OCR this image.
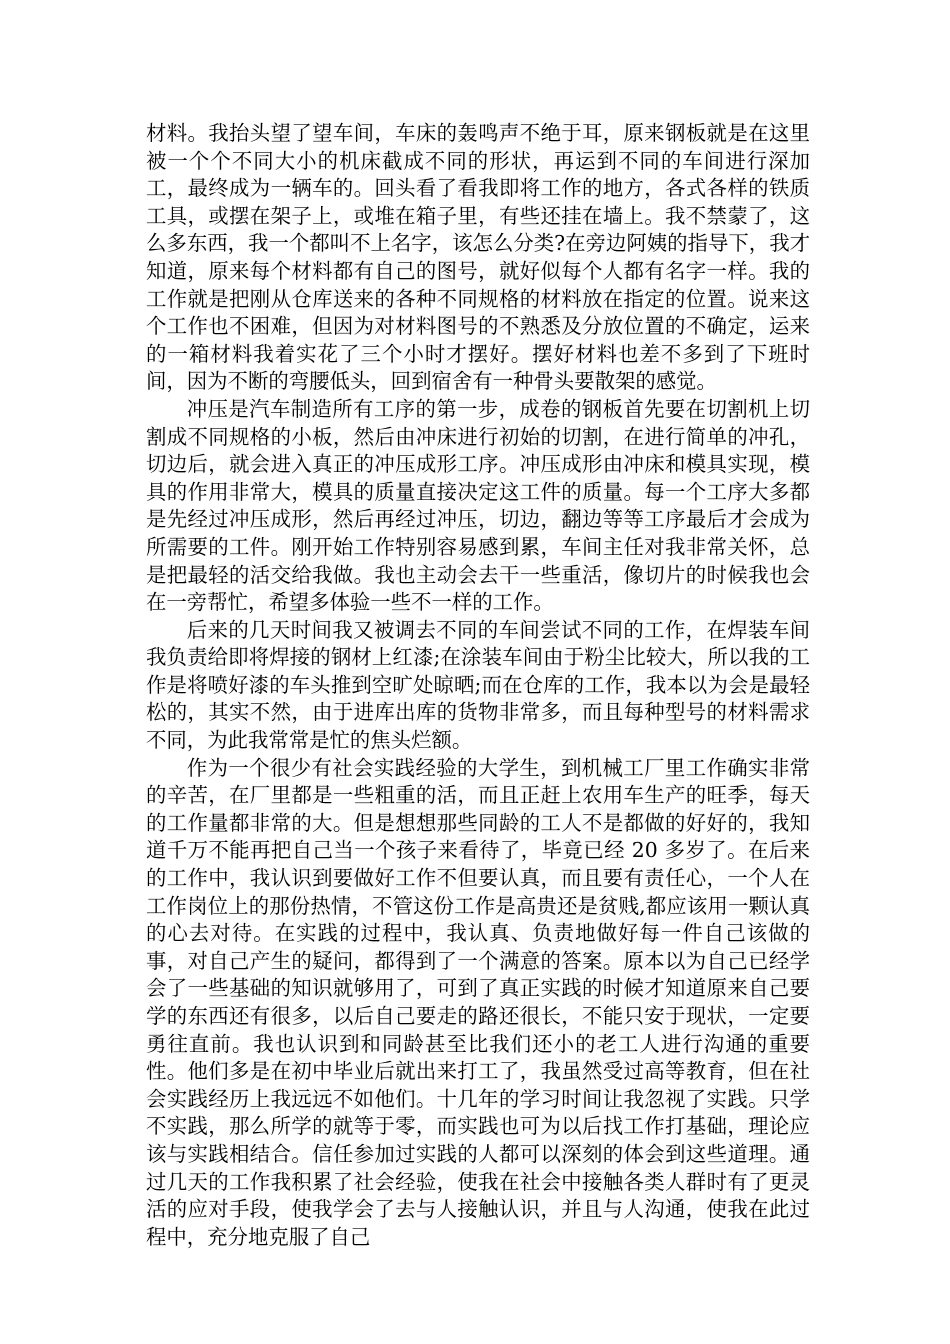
材料。我抬头望了望车间，车床的轰鸣声不绝于耳，原来钢板就是在这里被一个个不同大小的机床截成不同的形状，再运到不同的车间进行深加工，最终成为一辆车的。回头看了看我即将工作的地方，各式各样的铁质工具，或摆在架子上，或堆在箱子里，有些还挂在墙上。我不禁蒙了，这么多东西，我一个都叫不上名字，该怎么分类?在旁边阿姨的指导下，我才知道，原来每个材料都有自己的图号，就好似每个人都有名字一样。我的工作就是把刚从仓库送来的各种不同规格的材料放在指定的位置。说来这个工作也不困难，但因为对材料图号的不熟悉及分放位置的不确定，运来的一箱材料我着实花了三个小时才摆好。摆好材料也差不多到了下班时间，因为不断的弯腰低头，回到宿舍有一种骨头要散架的感觉。

冲压是汽车制造所有工序的第一步，成卷的钢板首先要在切割机上切割成不同规格的小板，然后由冲床进行初始的切割，在进行简单的冲孔，切边后，就会进入真正的冲压成形工序。冲压成形由冲床和模具实现，模具的作用非常大，模具的质量直接决定这工件的质量。每一个工序大多都是先经过冲压成形，然后再经过冲压，切边，翻边等等工序最后才会成为所需要的工件。刚开始工作特别容易感到累，车间主任对我非常关怀，总是把最轻的活交给我做。我也主动会去干一些重活，像切片的时候我也会在一旁帮忙，希望多体验一些不一样的工作。

后来的几天时间我又被调去不同的车间尝试不同的工作，在焊装车间我负责给即将焊接的钢材上红漆;在涂装车间由于粉尘比较大，所以我的工作是将喷好漆的车头推到空旷处晾晒;而在仓库的工作，我本以为会是最轻松的，其实不然，由于进库出库的货物非常多，而且每种型号的材料需求不同，为此我常常是忙的焦头烂额。

作为一个很少有社会实践经验的大学生，到机械工厂里工作确实非常的辛苦，在厂里都是一些粗重的活，而且正赶上农用车生产的旺季，每天的工作量都非常的大。但是想想那些同龄的工人不是都做的好好的，我知道千万不能再把自己当一个孩子来看待了，毕竟已经 20 多岁了。在后来的工作中，我认识到要做好工作不但要认真，而且要有责任心，一个人在工作岗位上的那份热情，不管这份工作是高贵还是贫贱,都应该用一颗认真的心去对待。在实践的过程中，我认真、负责地做好每一件自己该做的事，对自己产生的疑问，都得到了一个满意的答案。原本以为自己已经学会了一些基础的知识就够用了，可到了真正实践的时候才知道原来自己要学的东西还有很多，以后自己要走的路还很长，不能只安于现状，一定要勇往直前。我也认识到和同龄甚至比我们还小的老工人进行沟通的重要性。他们多是在初中毕业后就出来打工了，我虽然受过高等教育，但在社会实践经历上我远远不如他们。十几年的学习时间让我忽视了实践。只学不实践，那么所学的就等于零，而实践也可为以后找工作打基础，理论应该与实践相结合。信任参加过实践的人都可以深刻的体会到这些道理。通过几天的工作我积累了社会经验，使我在社会中接触各类人群时有了更灵活的应对手段，使我学会了去与人接触认识，并且与人沟通，使我在此过程中，充分地克服了自己
